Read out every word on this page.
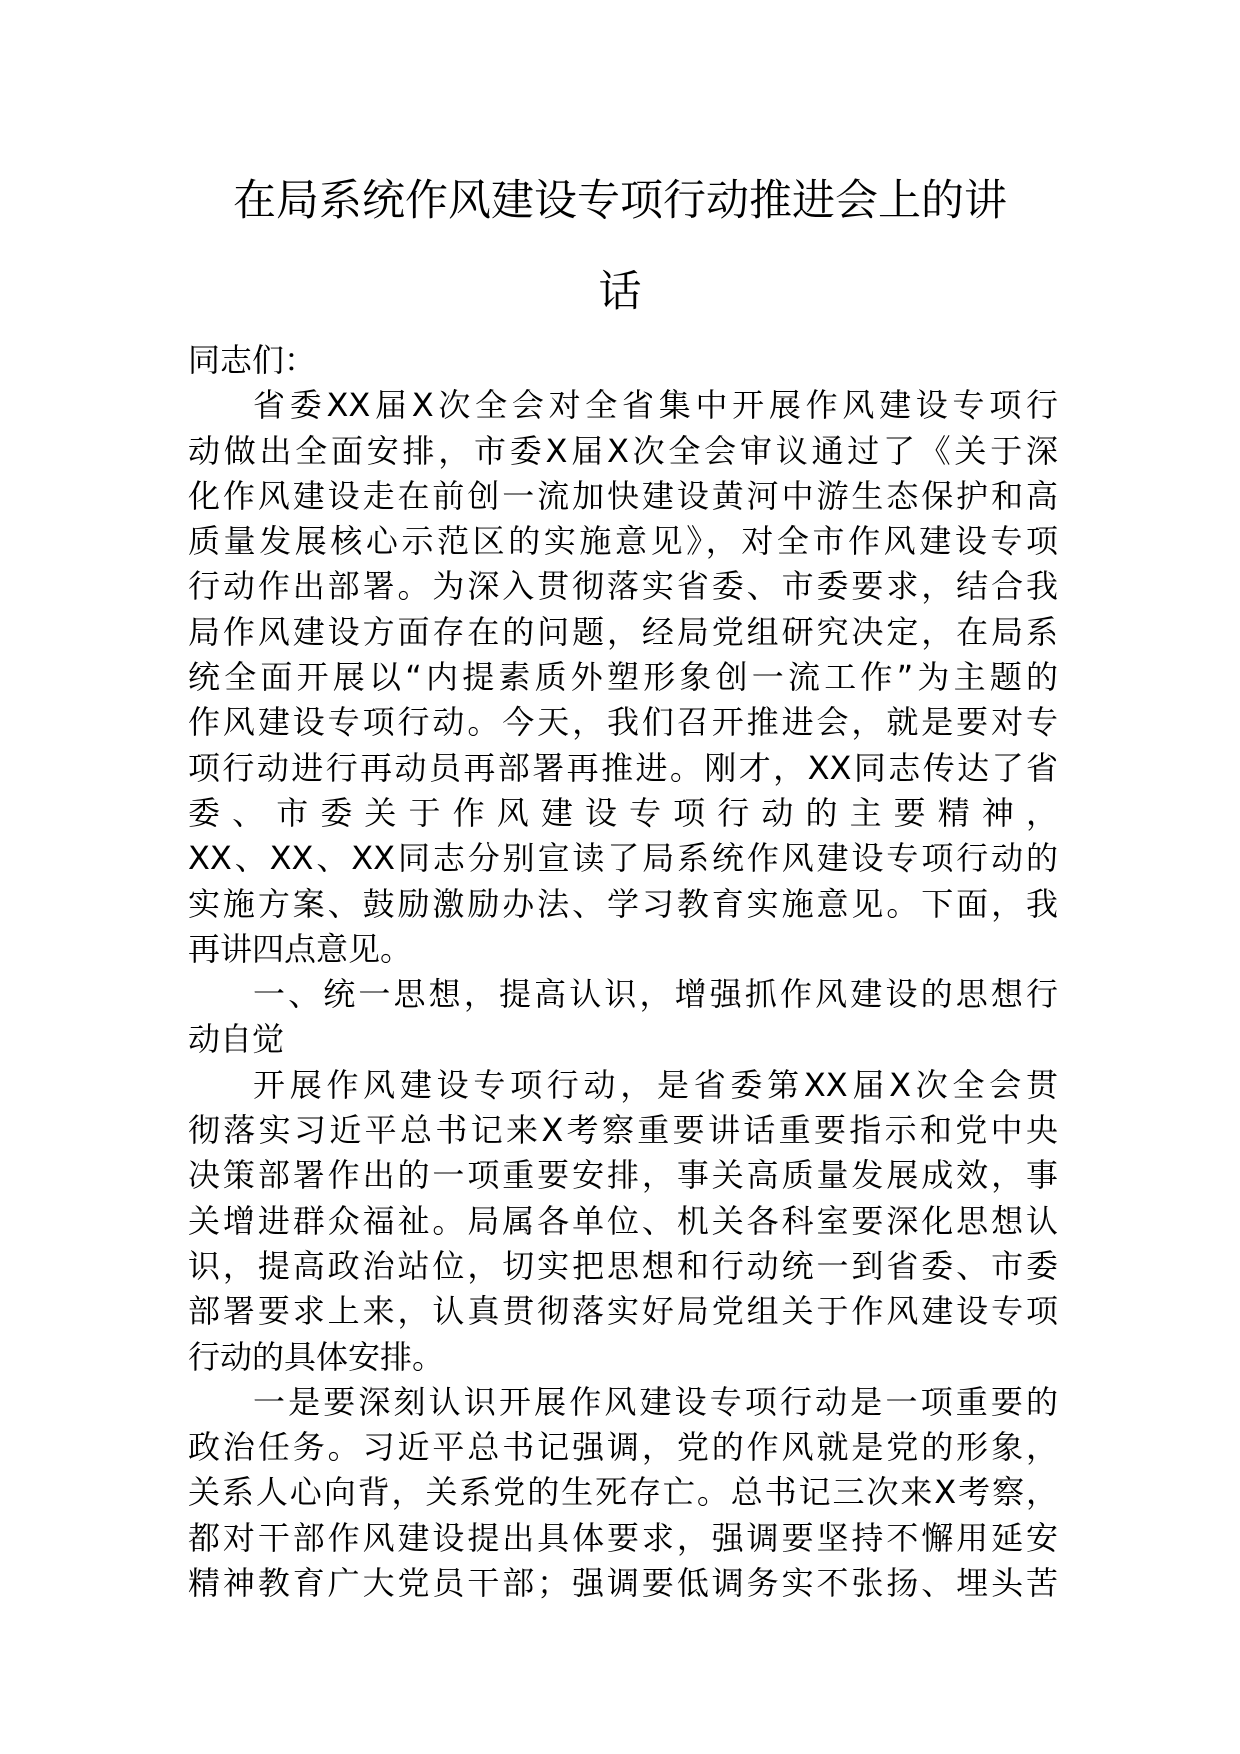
在局系统作风建设专项行动推进会上的讲
话
同志们：
省委XX届X次全会对全省集中开展作风建设专项行
动做出全面安排，市委X届X次全会审议通过了《关于深
化作风建设走在前创一流加快建设黄河中游生态保护和高
质量发展核心示范区的实施意见》，对全市作风建设专项
行动作出部署。为深入贯彻落实省委、市委要求，结合我
局作风建设方面存在的问题，经局党组研究决定，在局系
统全面开展以“内提素质外塑形象创一流工作”为主题的
作风建设专项行动。今天，我们召开推进会，就是要对专
项行动进行再动员再部署再推进。刚才，XX同志传达了省
委、市委关于作风建设专项行动的主要精神，
XX、XX、XX同志分别宣读了局系统作风建设专项行动的
实施方案、鼓励激励办法、学习教育实施意见。下面，我
再讲四点意见。
一、统一思想，提高认识，增强抓作风建设的思想行
动自觉
开展作风建设专项行动，是省委第XX届X次全会贯
彻落实习近平总书记来X考察重要讲话重要指示和党中央
决策部署作出的一项重要安排，事关高质量发展成效，事
关增进群众福祉。局属各单位、机关各科室要深化思想认
识，提高政治站位，切实把思想和行动统一到省委、市委
部署要求上来，认真贯彻落实好局党组关于作风建设专项
行动的具体安排。
一是要深刻认识开展作风建设专项行动是一项重要的
政治任务。习近平总书记强调，党的作风就是党的形象，
关系人心向背，关系党的生死存亡。总书记三次来X考察，
都对干部作风建设提出具体要求，强调要坚持不懈用延安
精神教育广大党员干部；强调要低调务实不张扬、埋头苦
